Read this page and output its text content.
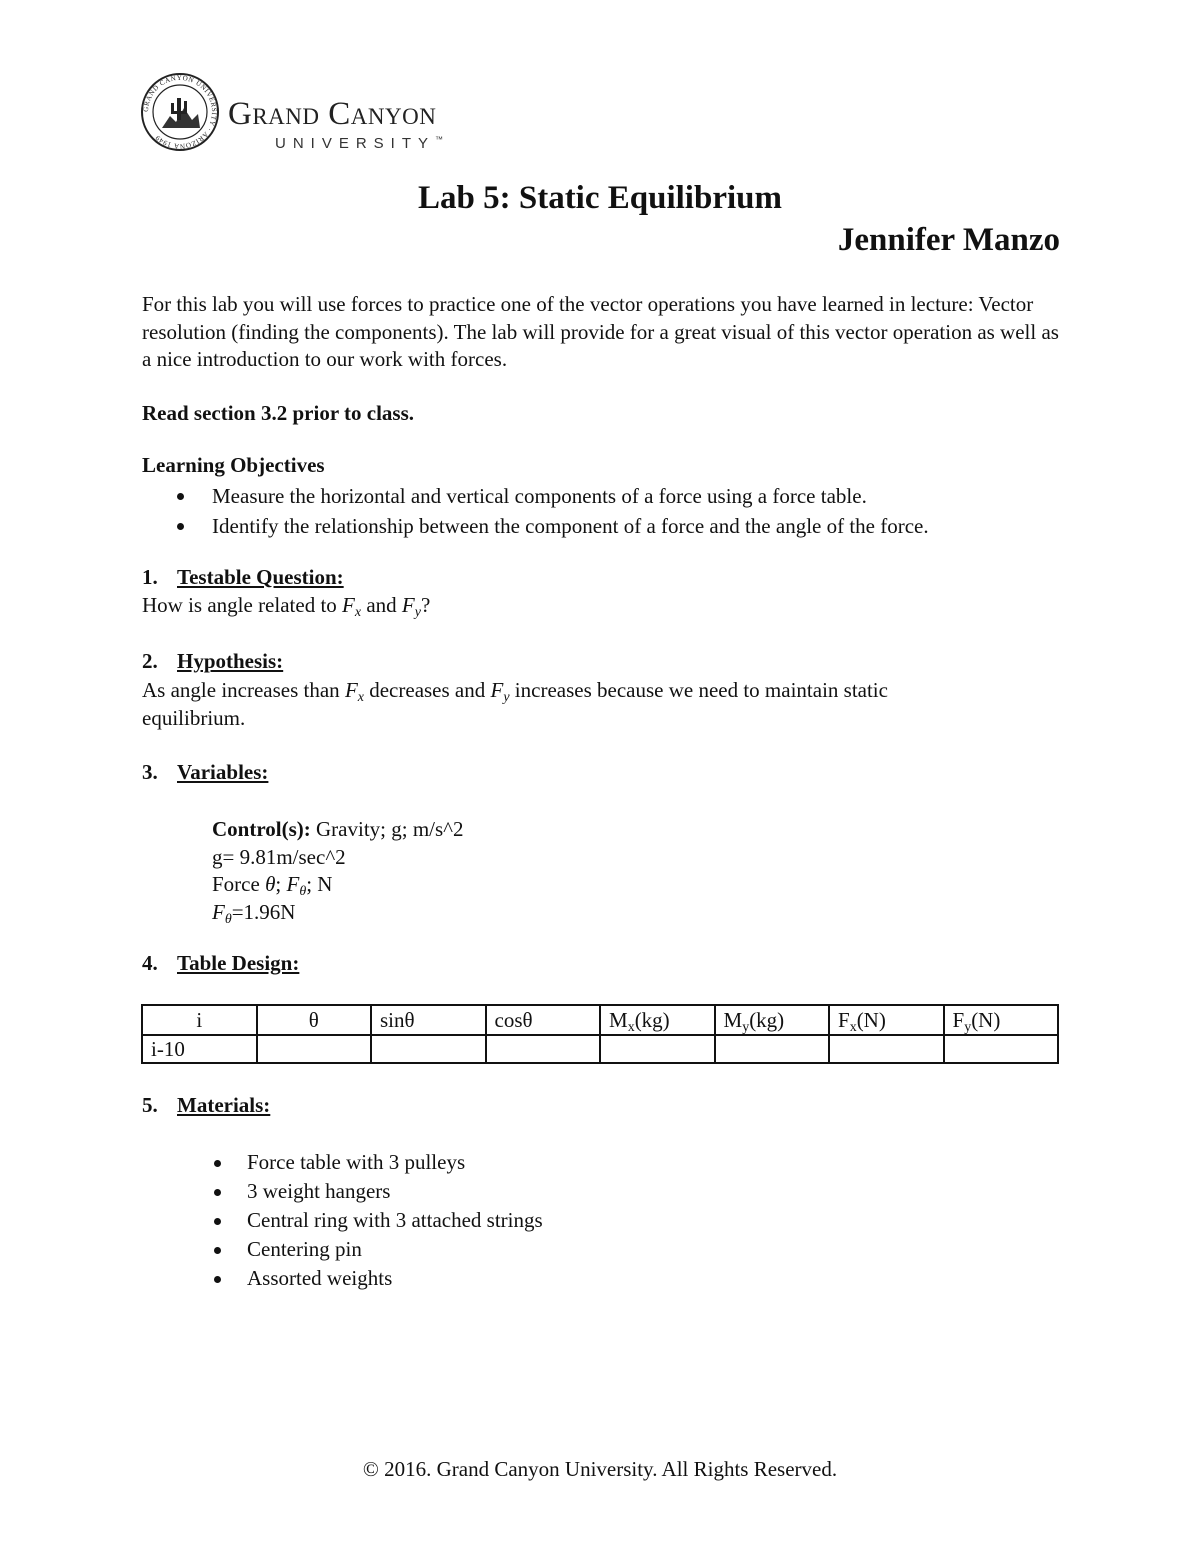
GRAND CANYON UNIVERSITY · ARIZONA 1949
Grand Canyon
UNIVERSITY™
Lab 5: Static Equilibrium
Jennifer Manzo
For this lab you will use forces to practice one of the vector operations you have learned in lecture: Vector resolution (finding the components). The lab will provide for a great visual of this vector operation as well as a nice introduction to our work with forces.
Read section 3.2 prior to class.
Learning Objectives
Measure the horizontal and vertical components of a force using a force table.
Identify the relationship between the component of a force and the angle of the force.
1. Testable Question:
How is angle related to $F_x$ and $F_y$?
2. Hypothesis:
As angle increases than $F_x$ decreases and $F_y$ increases because we need to maintain static equilibrium.
3. Variables:
Control(s): Gravity; g; m/s^2
g= 9.81m/sec^2
Force θ; $F_\theta$; N
$F_\theta=1.96N$
4. Table Design:
i	θ	sinθ	cosθ	$M_x(kg)$	$M_y(kg)$	$F_x(N)$	$F_y(N)$
i-10							
5. Materials:
Force table with 3 pulleys
3 weight hangers
Central ring with 3 attached strings
Centering pin
Assorted weights
© 2016. Grand Canyon University. All Rights Reserved.
